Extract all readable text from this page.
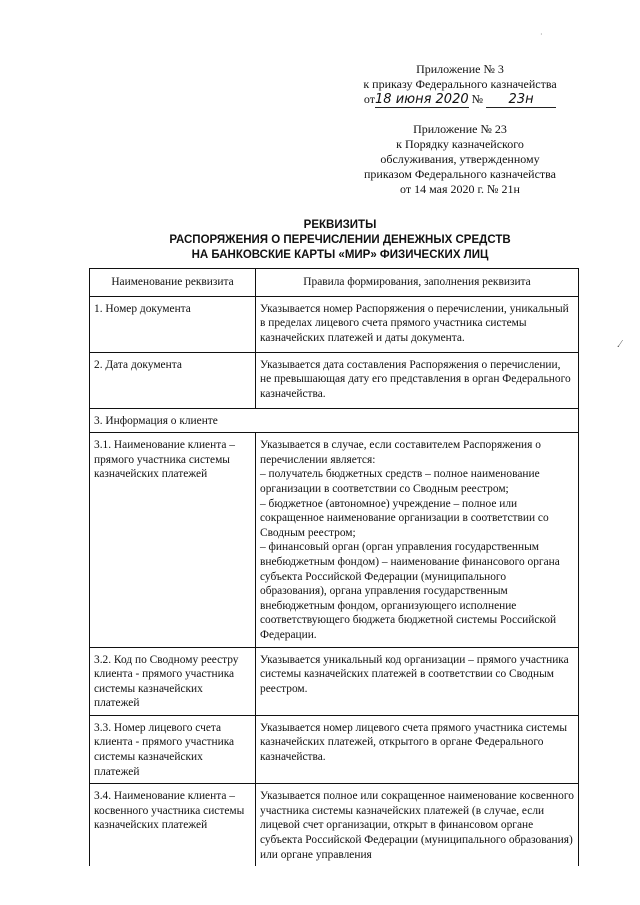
·
Приложение № 3
к приказу Федерального казначейства
от18 июня 2020 № 23н
Приложение № 23
к Порядку казначейского
обслуживания, утвержденному
приказом Федерального казначейства
от 14 мая 2020 г. № 21н
РЕКВИЗИТЫ
РАСПОРЯЖЕНИЯ О ПЕРЕЧИСЛЕНИИ ДЕНЕЖНЫХ СРЕДСТВ
НА БАНКОВСКИЕ КАРТЫ «МИР» ФИЗИЧЕСКИХ ЛИЦ
.⁄
Наименование реквизита	Правила формирования, заполнения реквизита
1. Номер документа	Указывается номер Распоряжения о перечислении, уникальный в пределах лицевого счета прямого участника системы казначейских платежей и даты документа.
2. Дата документа	Указывается дата составления Распоряжения о перечислении, не превышающая дату его представления в орган Федерального казначейства.
3. Информация о клиенте	
3.1. Наименование клиента – прямого участника системы казначейских платежей	Указывается в случае, если составителем Распоряжения о перечислении является:
– получатель бюджетных средств – полное наименование организации в соответствии со Сводным реестром;
– бюджетное (автономное) учреждение – полное или сокращенное наименование организации в соответствии со Сводным реестром;
– финансовый орган (орган управления государственным внебюджетным фондом) – наименование финансового органа субъекта Российской Федерации (муниципального образования), органа управления государственным внебюджетным фондом, организующего исполнение соответствующего бюджета бюджетной системы Российской Федерации.

3.2. Код по Сводному реестру клиента - прямого участника системы казначейских платежей	Указывается уникальный код организации – прямого участника системы казначейских платежей в соответствии со Сводным реестром.
3.3. Номер лицевого счета клиента - прямого участника системы казначейских платежей	Указывается номер лицевого счета прямого участника системы казначейских платежей, открытого в органе Федерального казначейства.
3.4. Наименование клиента – косвенного участника системы казначейских платежей	Указывается полное или сокращенное наименование косвенного участника системы казначейских платежей (в случае, если лицевой счет организации, открыт в финансовом органе субъекта Российской Федерации (муниципального образования) или органе управления
